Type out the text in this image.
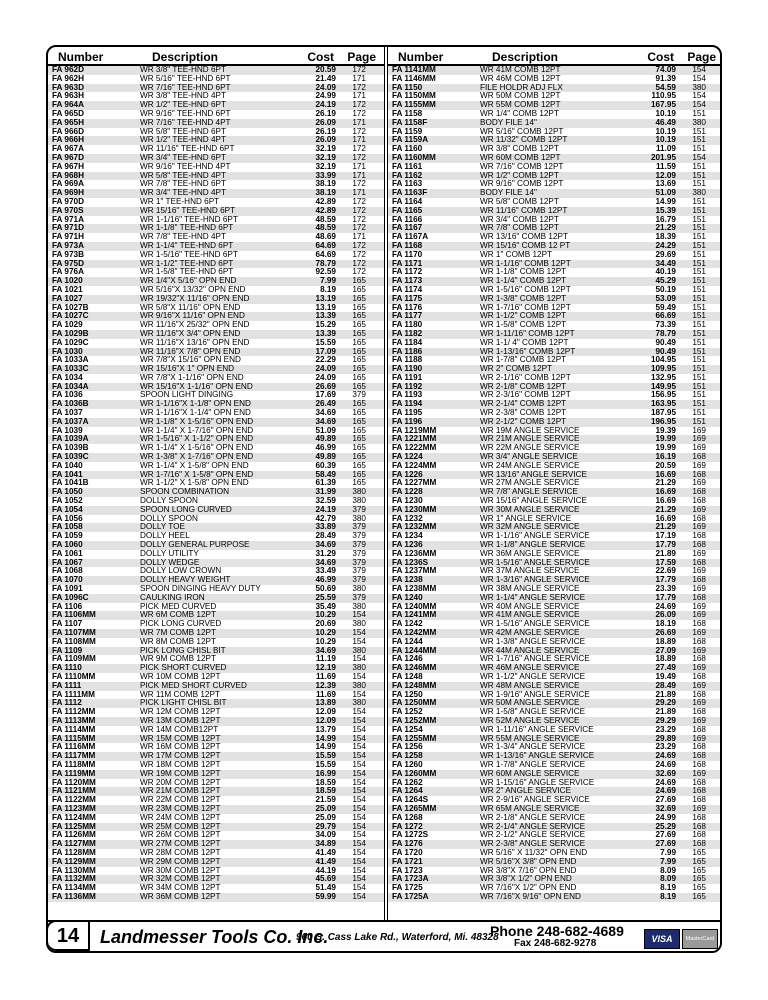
Number	Description	Cost Page
FA 962D	WR 3/8" TEE-HND 6PT	20.59 172
FA 962H	WR 5/16" TEE-HND 6PT	21.49 171
FA 963D	WR 7/16" TEE-HND 6PT	24.09 172
FA 963H	WR 3/8" TEE-HND 4PT	24.99 171
FA 964A	WR 1/2" TEE-HND 6PT	24.19 172
FA 965D	WR 9/16" TEE-HND 6PT	26.19 172
FA 965H	WR 7/16" TEE-HND 4PT	26.09 171
FA 966D	WR 5/8" TEE-HND 6PT	26.19 172
FA 966H	WR 1/2" TEE-HND 4PT	26.09 171
FA 967A	WR 11/16" TEE-HND 6PT	32.19 172
FA 967D	WR 3/4" TEE-HND 6PT	32.19 172
FA 967H	WR 9/16" TEE-HND 4PT	32.19 171
FA 968H	WR 5/8" TEE-HND 4PT	33.99 171
FA 969A	WR 7/8" TEE-HND 6PT	38.19 172
FA 969H	WR 3/4" TEE-HND 4PT	38.19 171
FA 970D	WR 1" TEE-HND 6PT	42.89 172
FA 970S	WR 15/16" TEE-HND 6PT	42.89 172
FA 971A	WR 1-1/16" TEE-HND 6PT	48.59 172
FA 971D	WR 1-1/8" TEE-HND 6PT	48.59 172
FA 971H	WR 7/8" TEE-HND 4PT	48.69 171
FA 973A	WR 1-1/4" TEE-HND 6PT	64.69 172
FA 973B	WR 1-5/16" TEE-HND 6PT	64.69 172
FA 975D	WR 1-1/2" TEE-HND 6PT	78.79 172
FA 976A	WR 1-5/8" TEE-HND 6PT	92.59 172
FA 1020	WR 1/4"X 5/16" OPN END	7.99 165
FA 1021	WR 5/16"X 13/32" OPN END	8.19 165
FA 1027	WR 19/32"X 11/16" OPN END	13.19 165
FA 1027B	WR 5/8"X 11/16" OPN END	13.19 165
FA 1027C	WR 9/16"X 11/16" OPN END	13.39 165
FA 1029	WR 11/16"X 25/32" OPN END	15.29 165
FA 1029B	WR 11/16"X 3/4" OPN END	13.39 165
FA 1029C	WR 11/16"X 13/16" OPN END	15.59 165
FA 1030	WR 11/16"X 7/8" OPN END	17.09 165
FA 1033A	WR 7/8"X 15/16" OPN END	22.29 165
FA 1033C	WR 15/16"X 1" OPN END	24.09 165
FA 1034	WR 7/8"X 1-1/16" OPN END	24.09 165
FA 1034A	WR 15/16"X 1-1/16" OPN END	26.69 165
FA 1036	SPOON LIGHT DINGING	17.69 379
FA 1036B	WR 1-1/16"X 1-1/8" OPN END	26.49 165
FA 1037	WR 1-1/16"X 1-1/4" OPN END	34.69 165
FA 1037A	WR 1-1/8" X 1-5/16" OPN END	34.69 165
FA 1039	WR 1-1/4" X 1-7/16" OPN END	51.09 165
FA 1039A	WR 1-5/16" X 1-1/2" OPN END	49.89 165
FA 1039B	WR 1-1/4" X 1-5/16" OPN END	46.99 165
FA 1039C	WR 1-3/8" X 1-7/16" OPN END	49.89 165
FA 1040	WR 1-1/4" X 1-5/8" OPN END	60.39 165
FA 1041	WR 1-7/16" X 1-5/8" OPN END	58.49 165
FA 1041B	WR 1-1/2" X 1-5/8" OPN END	61.39 165
FA 1050	SPOON COMBINATION	31.99 380
FA 1052	DOLLY SPOON	32.59 380
FA 1054	SPOON LONG CURVED	24.19 379
FA 1056	DOLLY SPOON	42.79 380
FA 1058	DOLLY TOE	33.89 379
FA 1059	DOLLY HEEL	28.49 379
FA 1060	DOLLY GENERAL PURPOSE	34.69 379
FA 1061	DOLLY UTILITY	31.29 379
FA 1067	DOLLY WEDGE	34.69 379
FA 1068	DOLLY LOW CROWN	33.49 379
FA 1070	DOLLY HEAVY WEIGHT	46.99 379
FA 1091	SPOON DINGING HEAVY DUTY	50.69 380
FA 1096C	CAULKING IRON	25.59 379
FA 1106	PICK MED CURVED	35.49 380
FA 1106MM	WR 6M COMB 12PT	10.29 154
FA 1107	PICK LONG CURVED	20.69 380
FA 1107MM	WR 7M COMB 12PT	10.29 154
FA 1108MM	WR 8M COMB 12PT	10.29 154
FA 1109	PICK LONG CHISL BIT	34.69 380
FA 1109MM	WR 9M COMB 12PT	11.19 154
FA 1110	PICK SHORT CURVED	12.19 380
FA 1110MM	WR 10M COMB 12PT	11.69 154
FA 1111	PICK MED SHORT CURVED	12.39 380
FA 1111MM	WR 11M COMB 12PT	11.69 154
FA 1112	PICK LIGHT CHISL BIT	13.89 380
FA 1112MM	WR 12M COMB 12PT	12.09 154
FA 1113MM	WR 13M COMB 12PT	12.09 154
FA 1114MM	WR 14M COMB12PT	13.79 154
FA 1115MM	WR 15M COMB 12PT	14.99 154
FA 1116MM	WR 16M COMB 12PT	14.99 154
FA 1117MM	WR 17M COMB 12PT	15.59 154
FA 1118MM	WR 18M COMB 12PT	15.59 154
FA 1119MM	WR 19M COMB 12PT	16.99 154
FA 1120MM	WR 20M COMB 12PT	18.59 154
FA 1121MM	WR 21M COMB 12PT	18.59 154
FA 1122MM	WR 22M COMB 12PT	21.59 154
FA 1123MM	WR 23M COMB 12PT	25.09 154
FA 1124MM	WR 24M COMB 12PT	25.09 154
FA 1125MM	WR 25M COMB 12PT	29.79 154
FA 1126MM	WR 26M COMB 12PT	34.09 154
FA 1127MM	WR 27M COMB 12PT	34.89 154
FA 1128MM	WR 28M COMB 12PT	41.49 154
FA 1129MM	WR 29M COMB 12PT	41.49 154
FA 1130MM	WR 30M COMB 12PT	44.19 154
FA 1132MM	WR 32M COMB 12PT	45.69 154
FA 1134MM	WR 34M COMB 12PT	51.49 154
FA 1136MM	WR 36M COMB 12PT	59.99 154
Number	Description	Cost Page
FA 1141MM	WR 41M COMB 12PT	74.09 154
FA 1146MM	WR 46M COMB 12PT	91.39 154
FA 1150	FILE HOLDR ADJ FLX	54.59 380
FA 1150MM	WR 50M COMB 12PT	110.95 154
FA 1155MM	WR 55M COMB 12PT	167.95 154
FA 1158	WR 1/4" COMB 12PT	10.19 151
FA 1158F	BODY FILE 14"	46.49 380
FA 1159	WR 5/16" COMB 12PT	10.19 151
FA 1159A	WR 11/32" COMB 12PT	10.19 151
FA 1160	WR 3/8" COMB 12PT	11.09 151
FA 1160MM	WR 60M COMB 12PT	201.95 154
FA 1161	WR 7/16" COMB 12PT	11.59 151
FA 1162	WR 1/2" COMB 12PT	12.09 151
FA 1163	WR 9/16" COMB 12PT	13.69 151
FA 1163F	BODY FILE 14"	51.09 380
FA 1164	WR 5/8" COMB 12PT	14.99 151
FA 1165	WR 11/16" COMB 12PT	15.39 151
FA 1166	WR 3/4" COMB 12PT	16.79 151
FA 1167	WR 7/8" COMB 12PT	21.29 151
FA 1167A	WR 13/16" COMB 12PT	18.39 151
FA 1168	WR 15/16" COMB 12 PT	24.29 151
FA 1170	WR 1" COMB 12PT	29.69 151
FA 1171	WR 1-1/16" COMB 12PT	34.49 151
FA 1172	WR 1-1/8" COMB 12PT	40.19 151
FA 1173	WR 1-1/4" COMB 12PT	45.29 151
FA 1174	WR 1-5/16" COMB 12PT	50.19 151
FA 1175	WR 1-3/8" COMB 12PT	53.09 151
FA 1176	WR 1-7/16" COMB 12PT	59.49 151
FA 1177	WR 1-1/2" COMB 12PT	66.69 151
FA 1180	WR 1-5/8" COMB 12PT	73.39 151
FA 1182	WR 1-11/16" COMB 12PT	78.79 151
FA 1184	WR 1-1/ 4" COMB 12PT	90.49 151
FA 1186	WR 1-13/16" COMB 12PT	90.49 151
FA 1188	WR 1-7/8" COMB 12PT	104.95 151
FA 1190	WR 2" COMB 12PT	109.95 151
FA 1191	WR 2-1/16" COMB 12PT	132.95 151
FA 1192	WR 2-1/8" COMB 12PT	149.95 151
FA 1193	WR 2-3/16" COMB 12PT	156.95 151
FA 1194	WR 2-1/4" COMB 12PT	163.95 151
FA 1195	WR 2-3/8" COMB 12PT	187.95 151
FA 1196	WR 2-1/2" COMB 12PT	196.95 151
FA 1219MM	WR 19M ANGLE SERVICE	19.39 169
FA 1221MM	WR 21M ANGLE SERVICE	19.99 169
FA 1222MM	WR 22M ANGLE SERVICE	19.99 169
FA 1224	WR 3/4" ANGLE SERVICE	16.19 168
FA 1224MM	WR 24M ANGLE SERVICE	20.59 169
FA 1226	WR 13/16" ANGLE SERVICE	16.69 168
FA 1227MM	WR 27M ANGLE SERVICE	21.29 169
FA 1228	WR 7/8" ANGLE SERVICE	16.69 168
FA 1230	WR 15/16" ANGLE SERVICE	16.69 168
FA 1230MM	WR 30M ANGLE SERVICE	21.29 169
FA 1232	WR 1" ANGLE SERVICE	16.69 168
FA 1232MM	WR 32M ANGLE SERVICE	21.29 169
FA 1234	WR 1-1/16" ANGLE SERVICE	17.19 168
FA 1236	WR 1-1/8" ANGLE SERVICE	17.79 168
FA 1236MM	WR 36M ANGLE SERVICE	21.89 169
FA 1236S	WR 1-5/16" ANGLE SERVICE	17.59 168
FA 1237MM	WR 37M ANGLE SERVICE	22.69 169
FA 1238	WR 1-3/16" ANGLE SERVICE	17.79 168
FA 1238MM	WR 38M ANGLE SERVICE	23.39 169
FA 1240	WR 1-1/4" ANGLE SERVICE	17.79 168
FA 1240MM	WR 40M ANGLE SERVICE	24.69 169
FA 1241MM	WR 41M ANGLE SERVICE	26.09 169
FA 1242	WR 1-5/16" ANGLE SERVICE	18.19 168
FA 1242MM	WR 42M ANGLE SERVICE	26.69 169
FA 1244	WR 1-3/8" ANGLE SERVICE	18.89 168
FA 1244MM	WR 44M ANGLE SERVICE	27.09 169
FA 1246	WR 1-7/16" ANGLE SERVICE	18.89 168
FA 1246MM	WR 46M ANGLE SERVICE	27.49 169
FA 1248	WR 1-1/2" ANGLE SERVICE	19.49 168
FA 1248MM	WR 48M ANGLE SERVICE	28.49 169
FA 1250	WR 1-9/16" ANGLE SERVICE	21.89 168
FA 1250MM	WR 50M ANGLE SERVICE	29.29 169
FA 1252	WR 1-5/8" ANGLE SERVICE	21.89 168
FA 1252MM	WR 52M ANGLE SERVICE	29.29 169
FA 1254	WR 1-11/16" ANGLE SERVICE	23.29 168
FA 1255MM	WR 55M ANGLE SERVICE	29.89 169
FA 1256	WR 1-3/4" ANGLE SERVICE	23.29 168
FA 1258	WR 1-13/16" ANGLE SERVICE	24.69 168
FA 1260	WR 1-7/8" ANGLE SERVICE	24.69 168
FA 1260MM	WR 60M ANGLE SERVICE	32.69 169
FA 1262	WR 1-15/16" ANGLE SERVICE	24.69 168
FA 1264	WR 2" ANGLE SERVICE	24.69 168
FA 1264S	WR 2-9/16" ANGLE SERVICE	27.69 168
FA 1265MM	WR 65M ANGLE SERVICE	32.69 169
FA 1268	WR 2-1/8" ANGLE SERVICE	24.99 168
FA 1272	WR 2-1/4" ANGLE SERVICE	25.29 168
FA 1272S	WR 2-1/2" ANGLE SERVICE	27.69 168
FA 1276	WR 2-3/8" ANGLE SERVICE	27.69 168
FA 1720	WR 5/16" X 11/32" OPN END	7.99 165
FA 1721	WR 5/16"X 3/8" OPN END	7.99 165
FA 1723	WR 3/8"X 7/16" OPN END	8.09 165
FA 1723A	WR 3/8"X 1/2" OPN END	8.09 165
FA 1725	WR 7/16"X 1/2" OPN END	8.19 165
FA 1725A	WR 7/16"X 9/16" OPN END	8.19 165
14	Landmesser Tools Co. Inc.
960 S. Cass Lake Rd., Waterford, Mi. 48328
Phone 248-682-4689
Fax 248-682-9278	VISA	MasterCard
